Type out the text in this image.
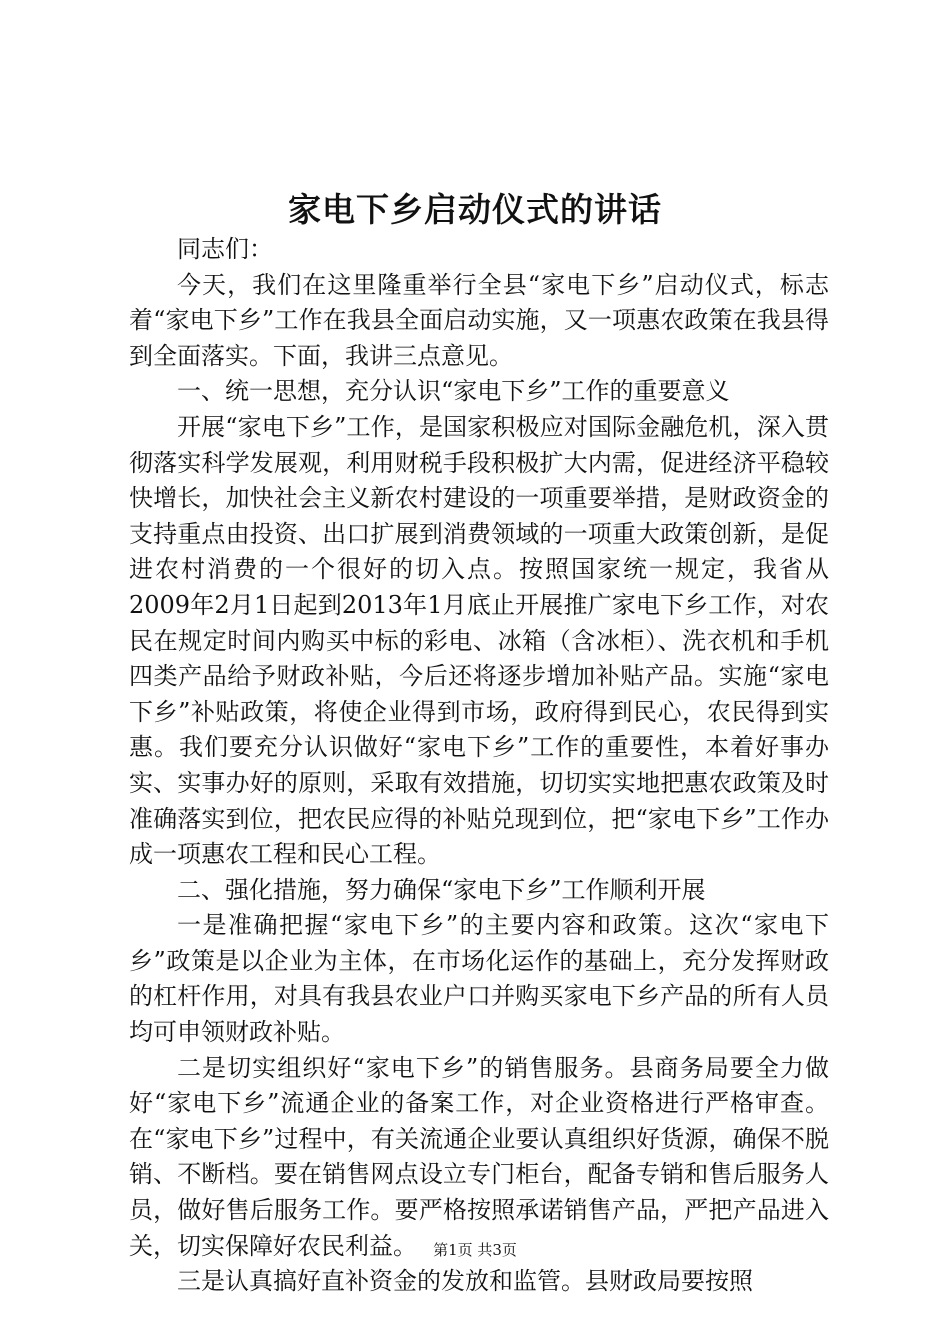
家电下乡启动仪式的讲话

同志们：

今天，我们在这里隆重举行全县“家电下乡”启动仪式，标志着“家电下乡”工作在我县全面启动实施，又一项惠农政策在我县得到全面落实。下面，我讲三点意见。

一、统一思想，充分认识“家电下乡”工作的重要意义

开展“家电下乡”工作，是国家积极应对国际金融危机，深入贯彻落实科学发展观，利用财税手段积极扩大内需，促进经济平稳较快增长，加快社会主义新农村建设的一项重要举措，是财政资金的支持重点由投资、出口扩展到消费领域的一项重大政策创新，是促进农村消费的一个很好的切入点。按照国家统一规定，我省从2009年2月1日起到2013年1月底止开展推广家电下乡工作，对农民在规定时间内购买中标的彩电、冰箱（含冰柜）、洗衣机和手机四类产品给予财政补贴，今后还将逐步增加补贴产品。实施“家电下乡”补贴政策，将使企业得到市场，政府得到民心，农民得到实惠。我们要充分认识做好“家电下乡”工作的重要性，本着好事办实、实事办好的原则，采取有效措施，切切实实地把惠农政策及时准确落实到位，把农民应得的补贴兑现到位，把“家电下乡”工作办成一项惠农工程和民心工程。

二、强化措施，努力确保“家电下乡”工作顺利开展

一是准确把握“家电下乡”的主要内容和政策。这次“家电下乡”政策是以企业为主体，在市场化运作的基础上，充分发挥财政的杠杆作用，对具有我县农业户口并购买家电下乡产品的所有人员均可申领财政补贴。

二是切实组织好“家电下乡”的销售服务。县商务局要全力做好“家电下乡”流通企业的备案工作，对企业资格进行严格审查。在“家电下乡”过程中，有关流通企业要认真组织好货源，确保不脱销、不断档。要在销售网点设立专门柜台，配备专销和售后服务人员，做好售后服务工作。要严格按照承诺销售产品，严把产品进入关，切实保障好农民利益。

三是认真搞好直补资金的发放和监管。县财政局要按照

第1页 共3页
